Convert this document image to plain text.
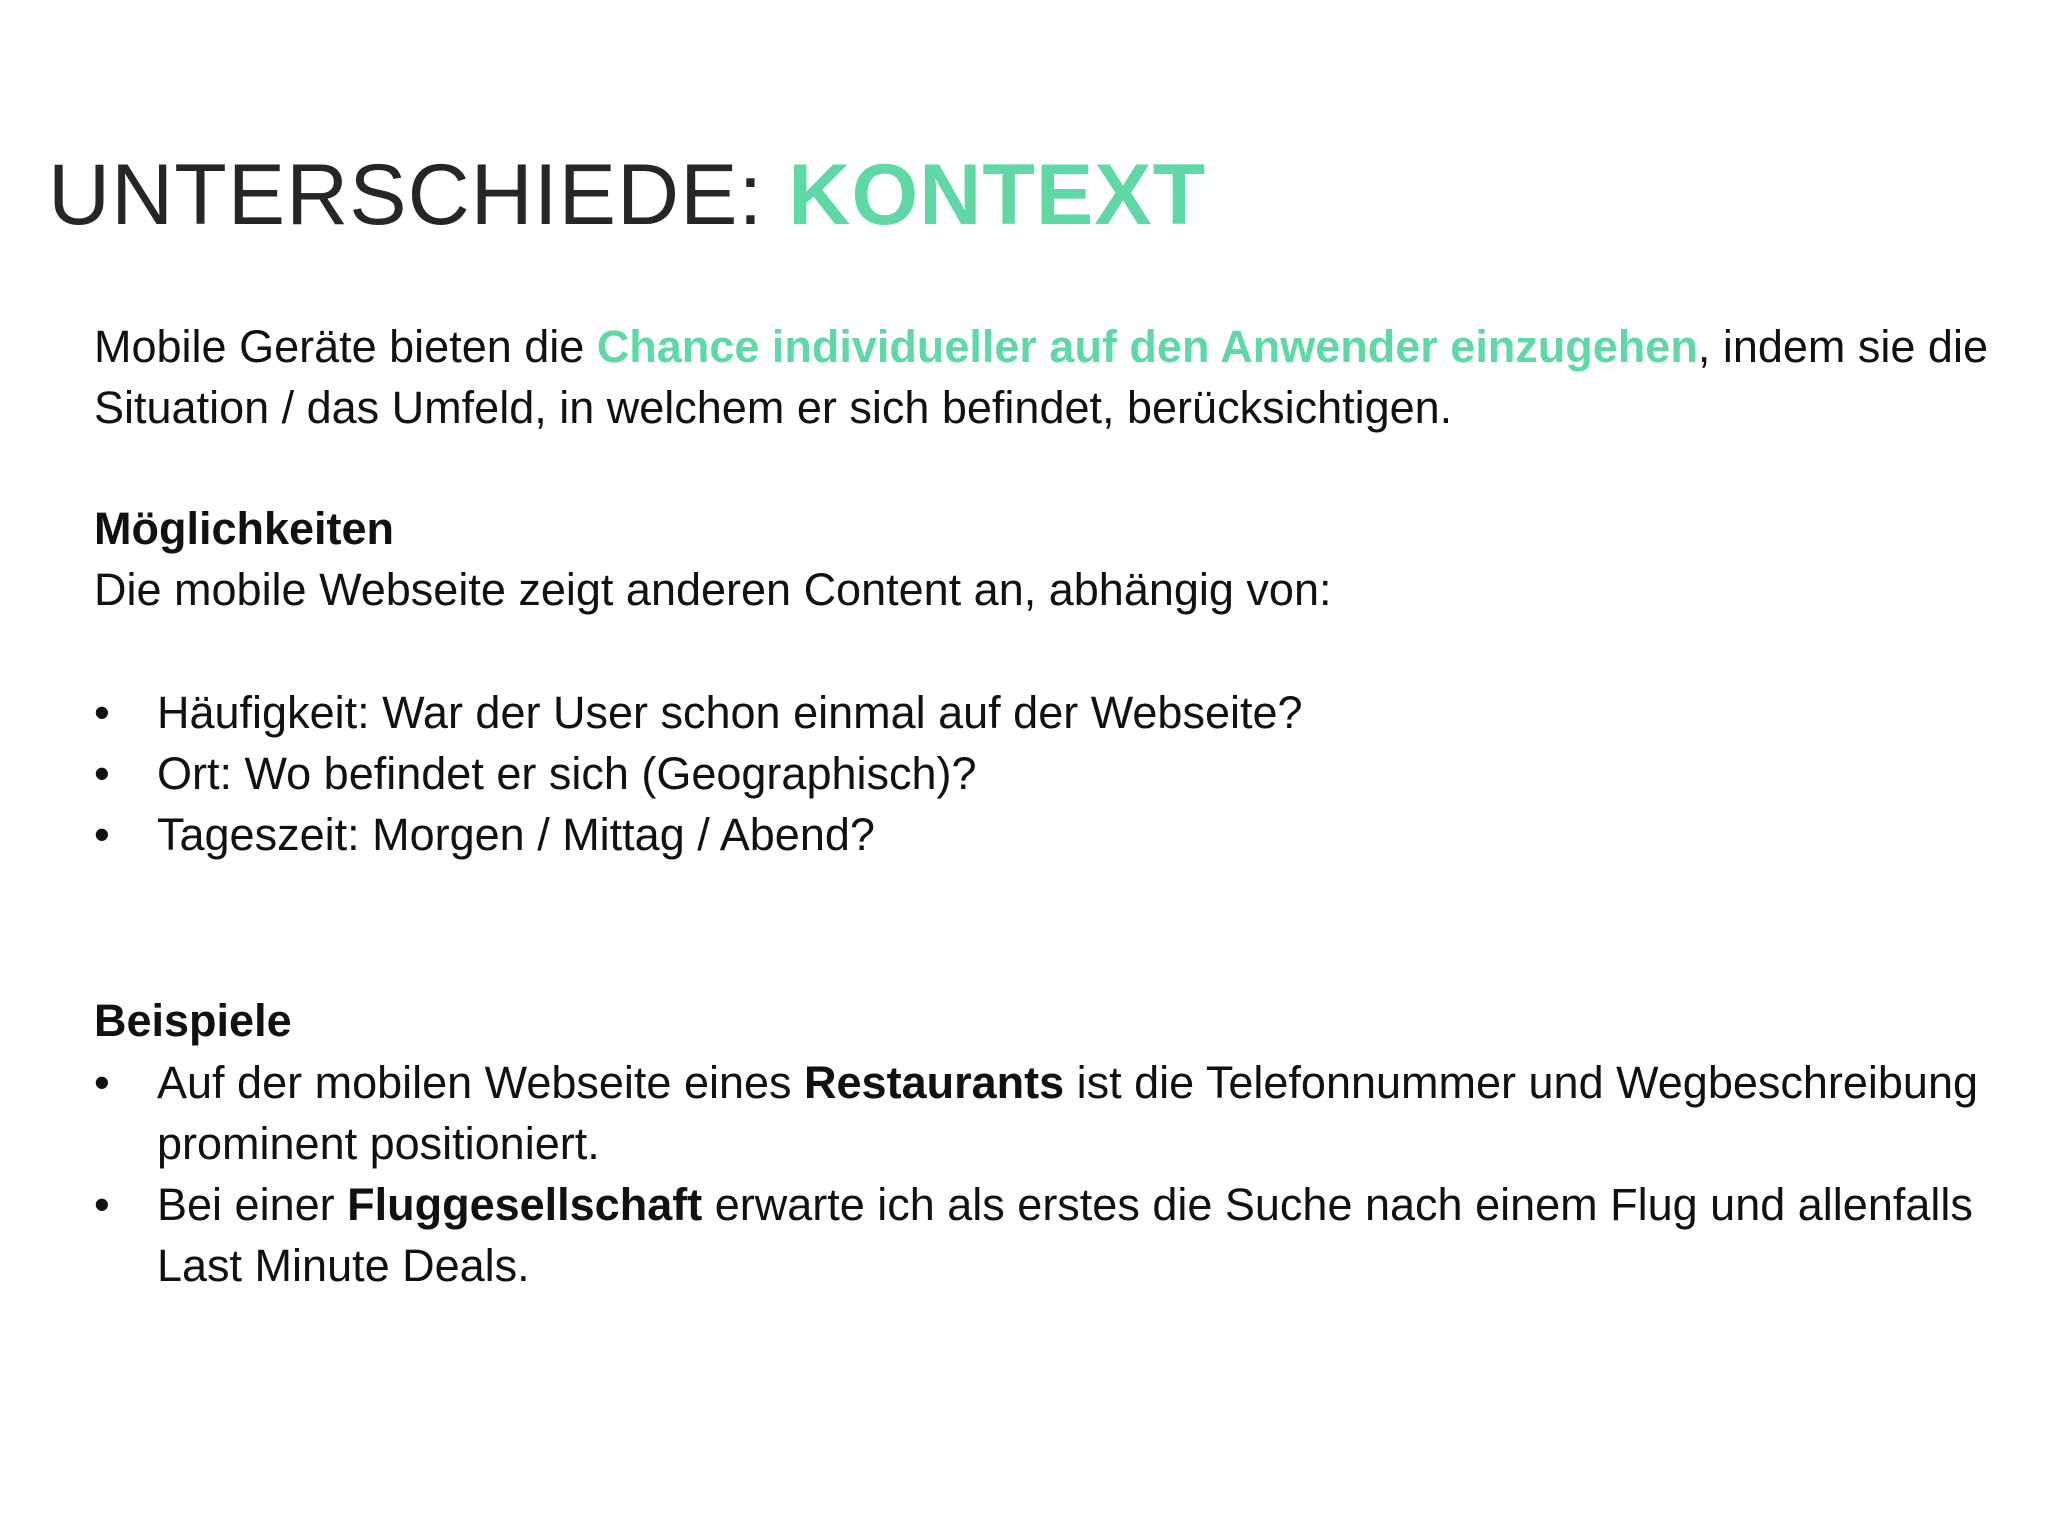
UNTERSCHIEDE: KONTEXT
Mobile Geräte bieten die Chance individueller auf den Anwender einzugehen, indem sie die Situation / das Umfeld, in welchem er sich befindet, berücksichtigen.
Möglichkeiten
Die mobile Webseite zeigt anderen Content an, abhängig von:
•	Häufigkeit: War der User schon einmal auf der Webseite?
•	Ort: Wo befindet er sich (Geographisch)?
•	Tageszeit: Morgen / Mittag / Abend?
Beispiele
•	Auf der mobilen Webseite eines Restaurants ist die Telefonnummer und Wegbeschreibung prominent positioniert.
•	Bei einer Fluggesellschaft erwarte ich als erstes die Suche nach einem Flug und allenfalls Last Minute Deals.
